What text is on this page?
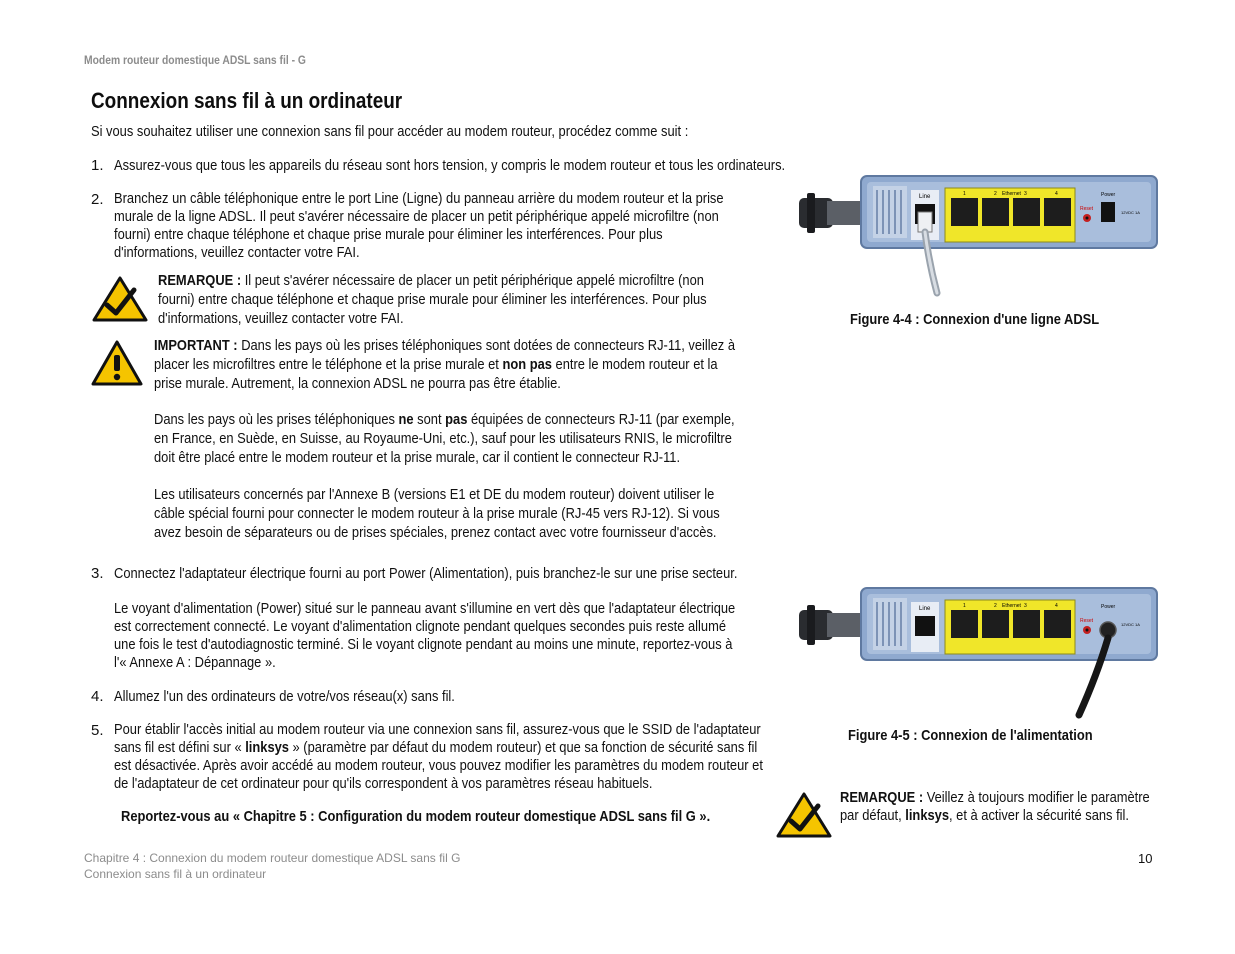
Modem routeur domestique ADSL sans fil - G
Connexion sans fil à un ordinateur
Si vous souhaitez utiliser une connexion sans fil pour accéder au modem routeur, procédez comme suit :
1. Assurez-vous que tous les appareils du réseau sont hors tension, y compris le modem routeur et tous les ordinateurs.
2. Branchez un câble téléphonique entre le port Line (Ligne) du panneau arrière du modem routeur et la prise
murale de la ligne ADSL. Il peut s'avérer nécessaire de placer un petit périphérique appelé microfiltre (non
fourni) entre chaque téléphone et chaque prise murale pour éliminer les interférences. Pour plus
d'informations, veuillez contacter votre FAI.
REMARQUE : Il peut s'avérer nécessaire de placer un petit périphérique appelé microfiltre (non
fourni) entre chaque téléphone et chaque prise murale pour éliminer les interférences. Pour plus
d'informations, veuillez contacter votre FAI.
IMPORTANT : Dans les pays où les prises téléphoniques sont dotées de connecteurs RJ-11, veillez à
placer les microfiltres entre le téléphone et la prise murale et non pas entre le modem routeur et la
prise murale. Autrement, la connexion ADSL ne pourra pas être établie.
Dans les pays où les prises téléphoniques ne sont pas équipées de connecteurs RJ-11 (par exemple,
en France, en Suède, en Suisse, au Royaume-Uni, etc.), sauf pour les utilisateurs RNIS, le microfiltre
doit être placé entre le modem routeur et la prise murale, car il contient le connecteur RJ-11.
Les utilisateurs concernés par l'Annexe B (versions E1 et DE du modem routeur) doivent utiliser le
câble spécial fourni pour connecter le modem routeur à la prise murale (RJ-45 vers RJ-12). Si vous
avez besoin de séparateurs ou de prises spéciales, prenez contact avec votre fournisseur d'accès.
3. Connectez l'adaptateur électrique fourni au port Power (Alimentation), puis branchez-le sur une prise secteur.
Le voyant d'alimentation (Power) situé sur le panneau avant s'illumine en vert dès que l'adaptateur électrique
est correctement connecté. Le voyant d'alimentation clignote pendant quelques secondes puis reste allumé
une fois le test d'autodiagnostic terminé. Si le voyant clignote pendant au moins une minute, reportez-vous à
l'« Annexe A : Dépannage ».
4. Allumez l'un des ordinateurs de votre/vos réseau(x) sans fil.
5. Pour établir l'accès initial au modem routeur via une connexion sans fil, assurez-vous que le SSID de l'adaptateur
sans fil est défini sur « linksys » (paramètre par défaut du modem routeur) et que sa fonction de sécurité sans fil
est désactivée. Après avoir accédé au modem routeur, vous pouvez modifier les paramètres du modem routeur et
de l'adaptateur de cet ordinateur pour qu'ils correspondent à vos paramètres réseau habituels.
Reportez-vous au « Chapitre 5 : Configuration du modem routeur domestique ADSL sans fil G ».
Line	1	2 Ethernet 3	4
Reset
Power
12VDC 1A
Figure 4-4 : Connexion d'une ligne ADSL
Line	1	2 Ethernet 3	4
Reset
Power
12VDC 1A
Figure 4-5 : Connexion de l'alimentation
REMARQUE : Veillez à toujours modifier le paramètre
par défaut, linksys, et à activer la sécurité sans fil.
Chapitre 4 : Connexion du modem routeur domestique ADSL sans fil G
Connexion sans fil à un ordinateur
10
